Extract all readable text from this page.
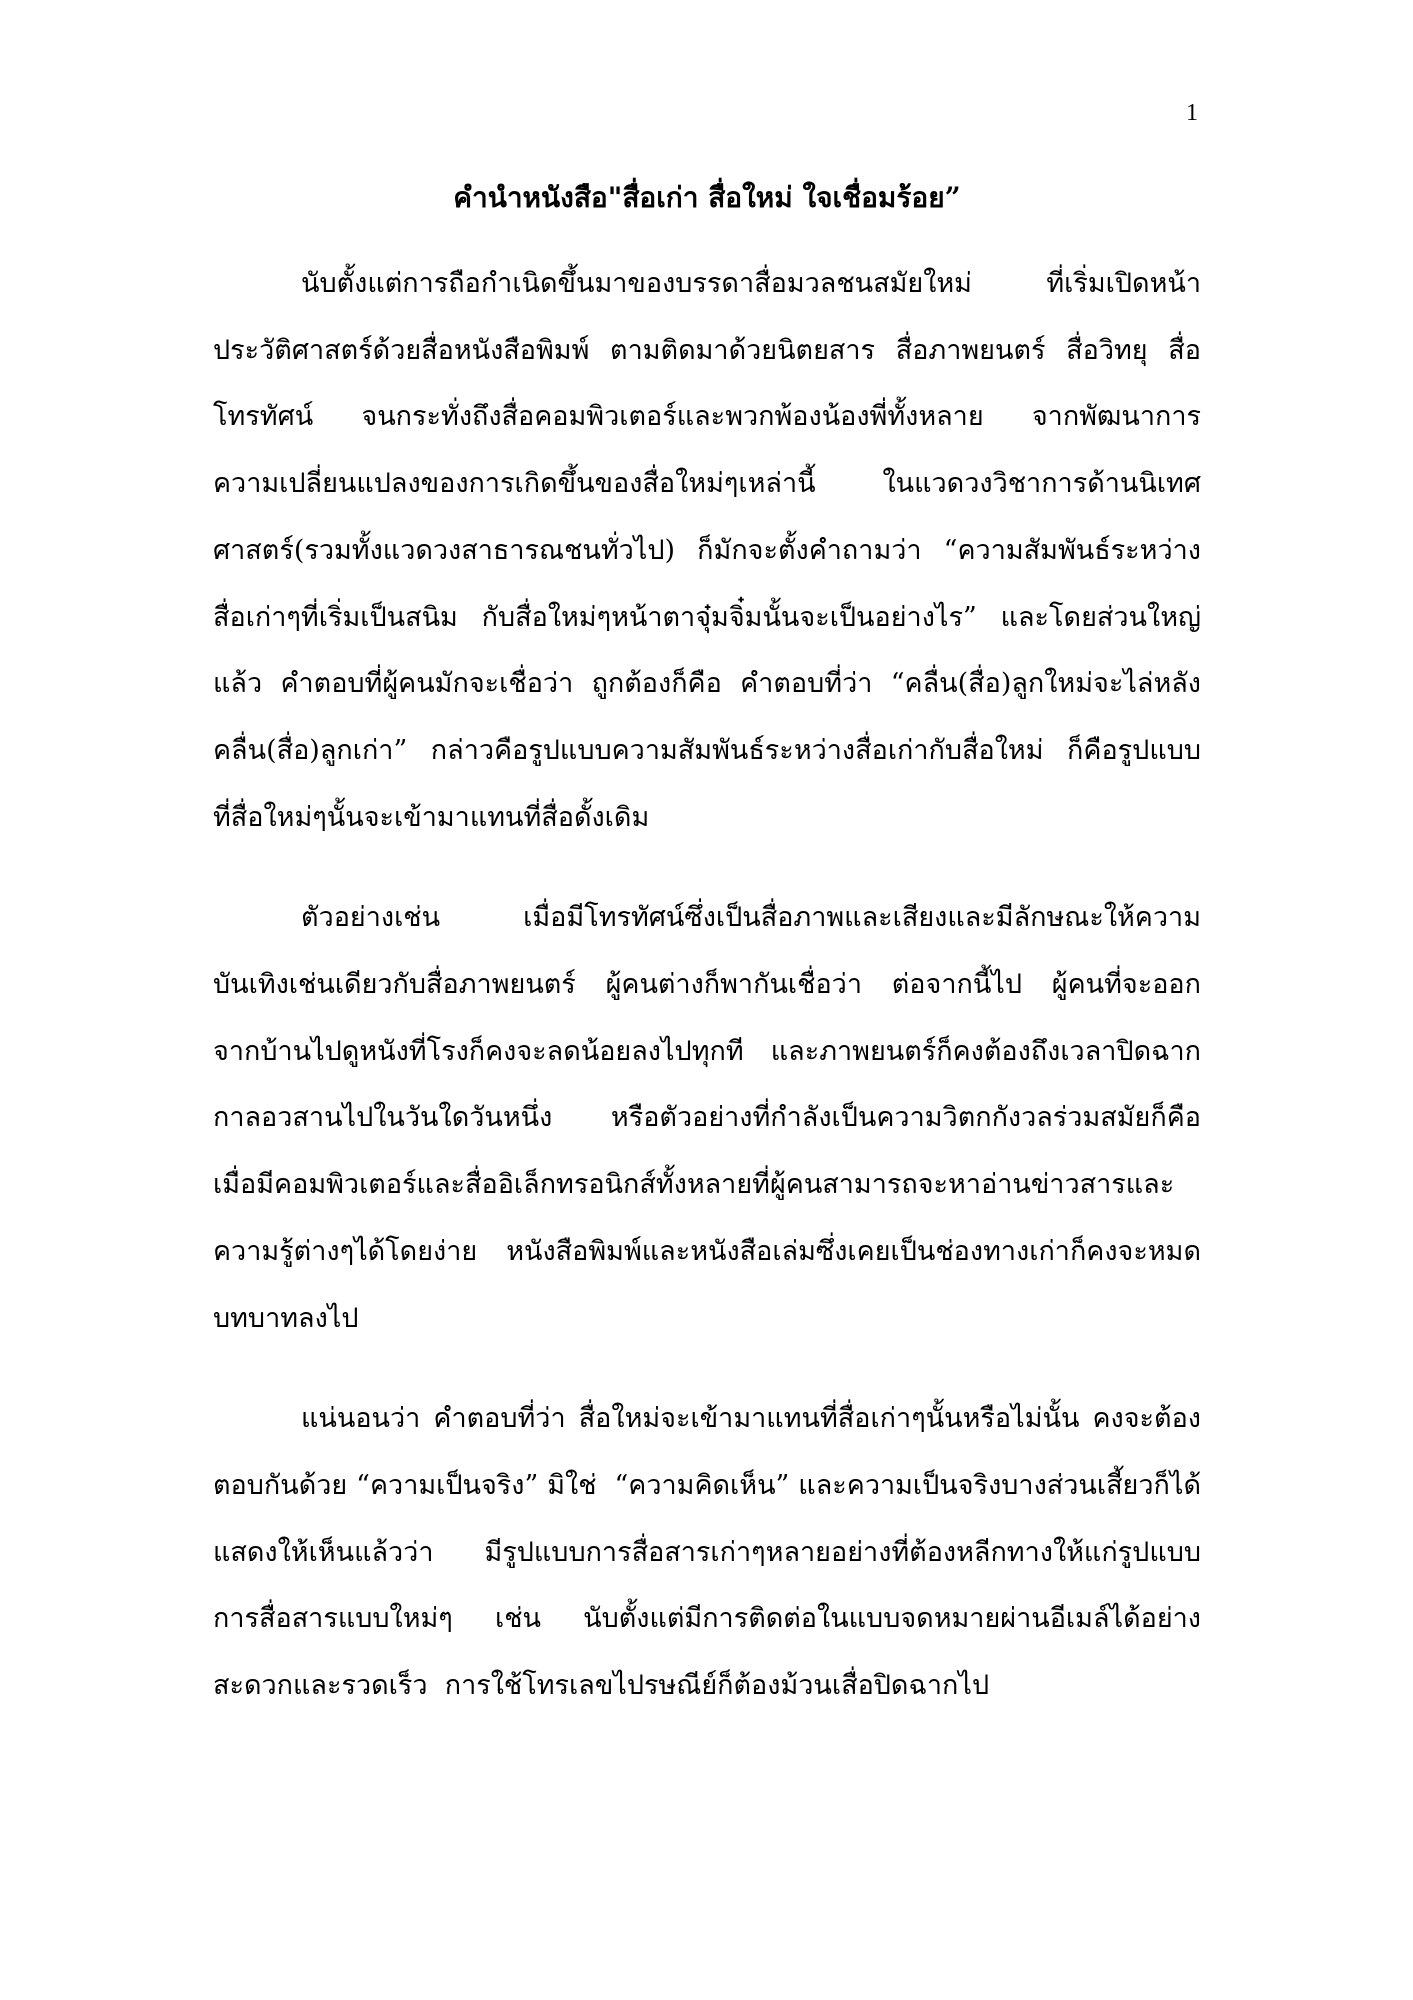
1
คำนำหนังสือ"สื่อเก่า สื่อใหม่ ใจเชื่อมร้อย”
นับตั้งแต่การถือกำเนิดขึ้นมาของบรรดาสื่อมวลชนสมัยใหม่ ที่เริ่มเปิดหน้า
ประวัติศาสตร์ด้วยสื่อหนังสือพิมพ์ ตามติดมาด้วยนิตยสาร สื่อภาพยนตร์ สื่อวิทยุ สื่อ
โทรทัศน์ จนกระทั่งถึงสื่อคอมพิวเตอร์และพวกพ้องน้องพี่ทั้งหลาย จากพัฒนาการ
ความเปลี่ยนแปลงของการเกิดขึ้นของสื่อใหม่ๆเหล่านี้ ในแวดวงวิชาการด้านนิเทศ
ศาสตร์(รวมทั้งแวดวงสาธารณชนทั่วไป) ก็มักจะตั้งคำถามว่า “ความสัมพันธ์ระหว่าง
สื่อเก่าๆที่เริ่มเป็นสนิม กับสื่อใหม่ๆหน้าตาจุ๋มจิ๋มนั้นจะเป็นอย่างไร” และโดยส่วนใหญ่
แล้ว คำตอบที่ผู้คนมักจะเชื่อว่า ถูกต้องก็คือ คำตอบที่ว่า “คลื่น(สื่อ)ลูกใหม่จะไล่หลัง
คลื่น(สื่อ)ลูกเก่า” กล่าวคือรูปแบบความสัมพันธ์ระหว่างสื่อเก่ากับสื่อใหม่ ก็คือรูปแบบ
ที่สื่อใหม่ๆนั้นจะเข้ามาแทนที่สื่อดั้งเดิม
ตัวอย่างเช่น เมื่อมีโทรทัศน์ซึ่งเป็นสื่อภาพและเสียงและมีลักษณะให้ความ
บันเทิงเช่นเดียวกับสื่อภาพยนตร์ ผู้คนต่างก็พากันเชื่อว่า ต่อจากนี้ไป ผู้คนที่จะออก
จากบ้านไปดูหนังที่โรงก็คงจะลดน้อยลงไปทุกที และภาพยนตร์ก็คงต้องถึงเวลาปิดฉาก
กาลอวสานไปในวันใดวันหนึ่ง หรือตัวอย่างที่กำลังเป็นความวิตกกังวลร่วมสมัยก็คือ
เมื่อมีคอมพิวเตอร์และสื่ออิเล็กทรอนิกส์ทั้งหลายที่ผู้คนสามารถจะหาอ่านข่าวสารและ
ความรู้ต่างๆได้โดยง่าย หนังสือพิมพ์และหนังสือเล่มซึ่งเคยเป็นช่องทางเก่าก็คงจะหมด
บทบาทลงไป
แน่นอนว่า คำตอบที่ว่า สื่อใหม่จะเข้ามาแทนที่สื่อเก่าๆนั้นหรือไม่นั้น คงจะต้อง
ตอบกันด้วย “ความเป็นจริง” มิใช่  “ความคิดเห็น” และความเป็นจริงบางส่วนเสี้ยวก็ได้
แสดงให้เห็นแล้วว่า มีรูปแบบการสื่อสารเก่าๆหลายอย่างที่ต้องหลีกทางให้แก่รูปแบบ
การสื่อสารแบบใหม่ๆ เช่น นับตั้งแต่มีการติดต่อในแบบจดหมายผ่านอีเมล์ได้อย่าง
สะดวกและรวดเร็ว  การใช้โทรเลขไปรษณีย์ก็ต้องม้วนเสื่อปิดฉากไป
